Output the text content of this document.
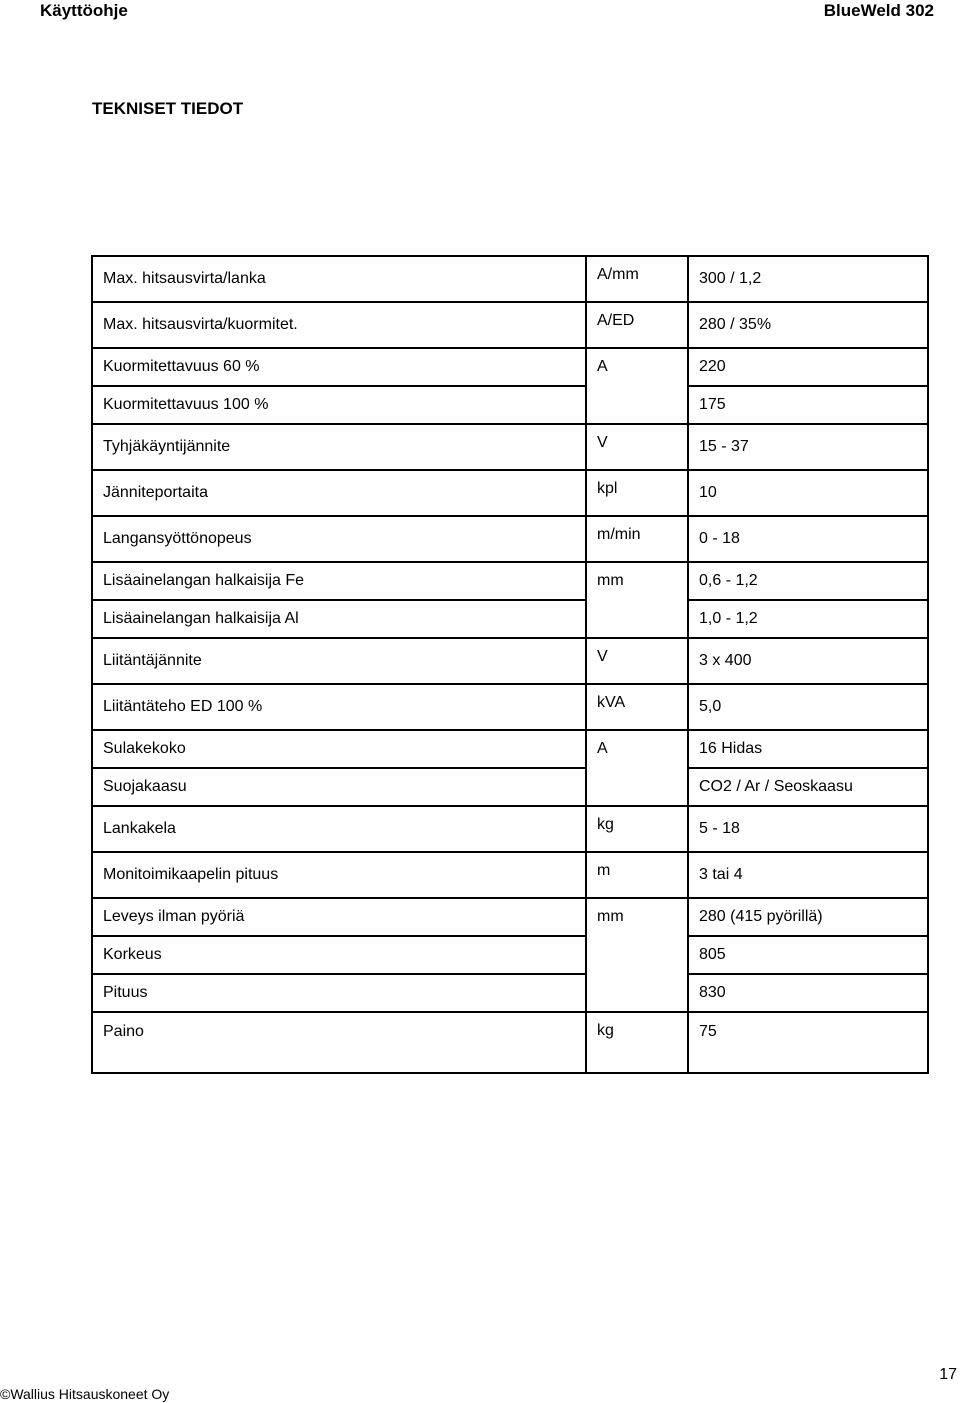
Käyttöohje	BlueWeld 302
TEKNISET TIEDOT
Max. hitsausvirta/lanka	A/mm	300 / 1,2
Max. hitsausvirta/kuormitet.	A/ED	280 / 35%
Kuormitettavuus 60 %	A	220
Kuormitettavuus 100 %		175
Tyhjäkäyntijännite	V	15 - 37
Jänniteportaita	kpl	10
Langansyöttönopeus	m/min	0 - 18
Lisäainelangan halkaisija Fe	mm	0,6 - 1,2
Lisäainelangan halkaisija Al		1,0 - 1,2
Liitäntäjännite	V	3 x 400
Liitäntäteho ED 100 %	kVA	5,0
Sulakekoko	A	16 Hidas
Suojakaasu		CO2 / Ar / Seoskaasu
Lankakela	kg	5 - 18
Monitoimikaapelin pituus	m	3 tai 4
Leveys ilman pyöriä	mm	280 (415 pyörillä)
Korkeus		805
Pituus		830
Paino	kg	75
©Wallius Hitsauskoneet Oy
17
